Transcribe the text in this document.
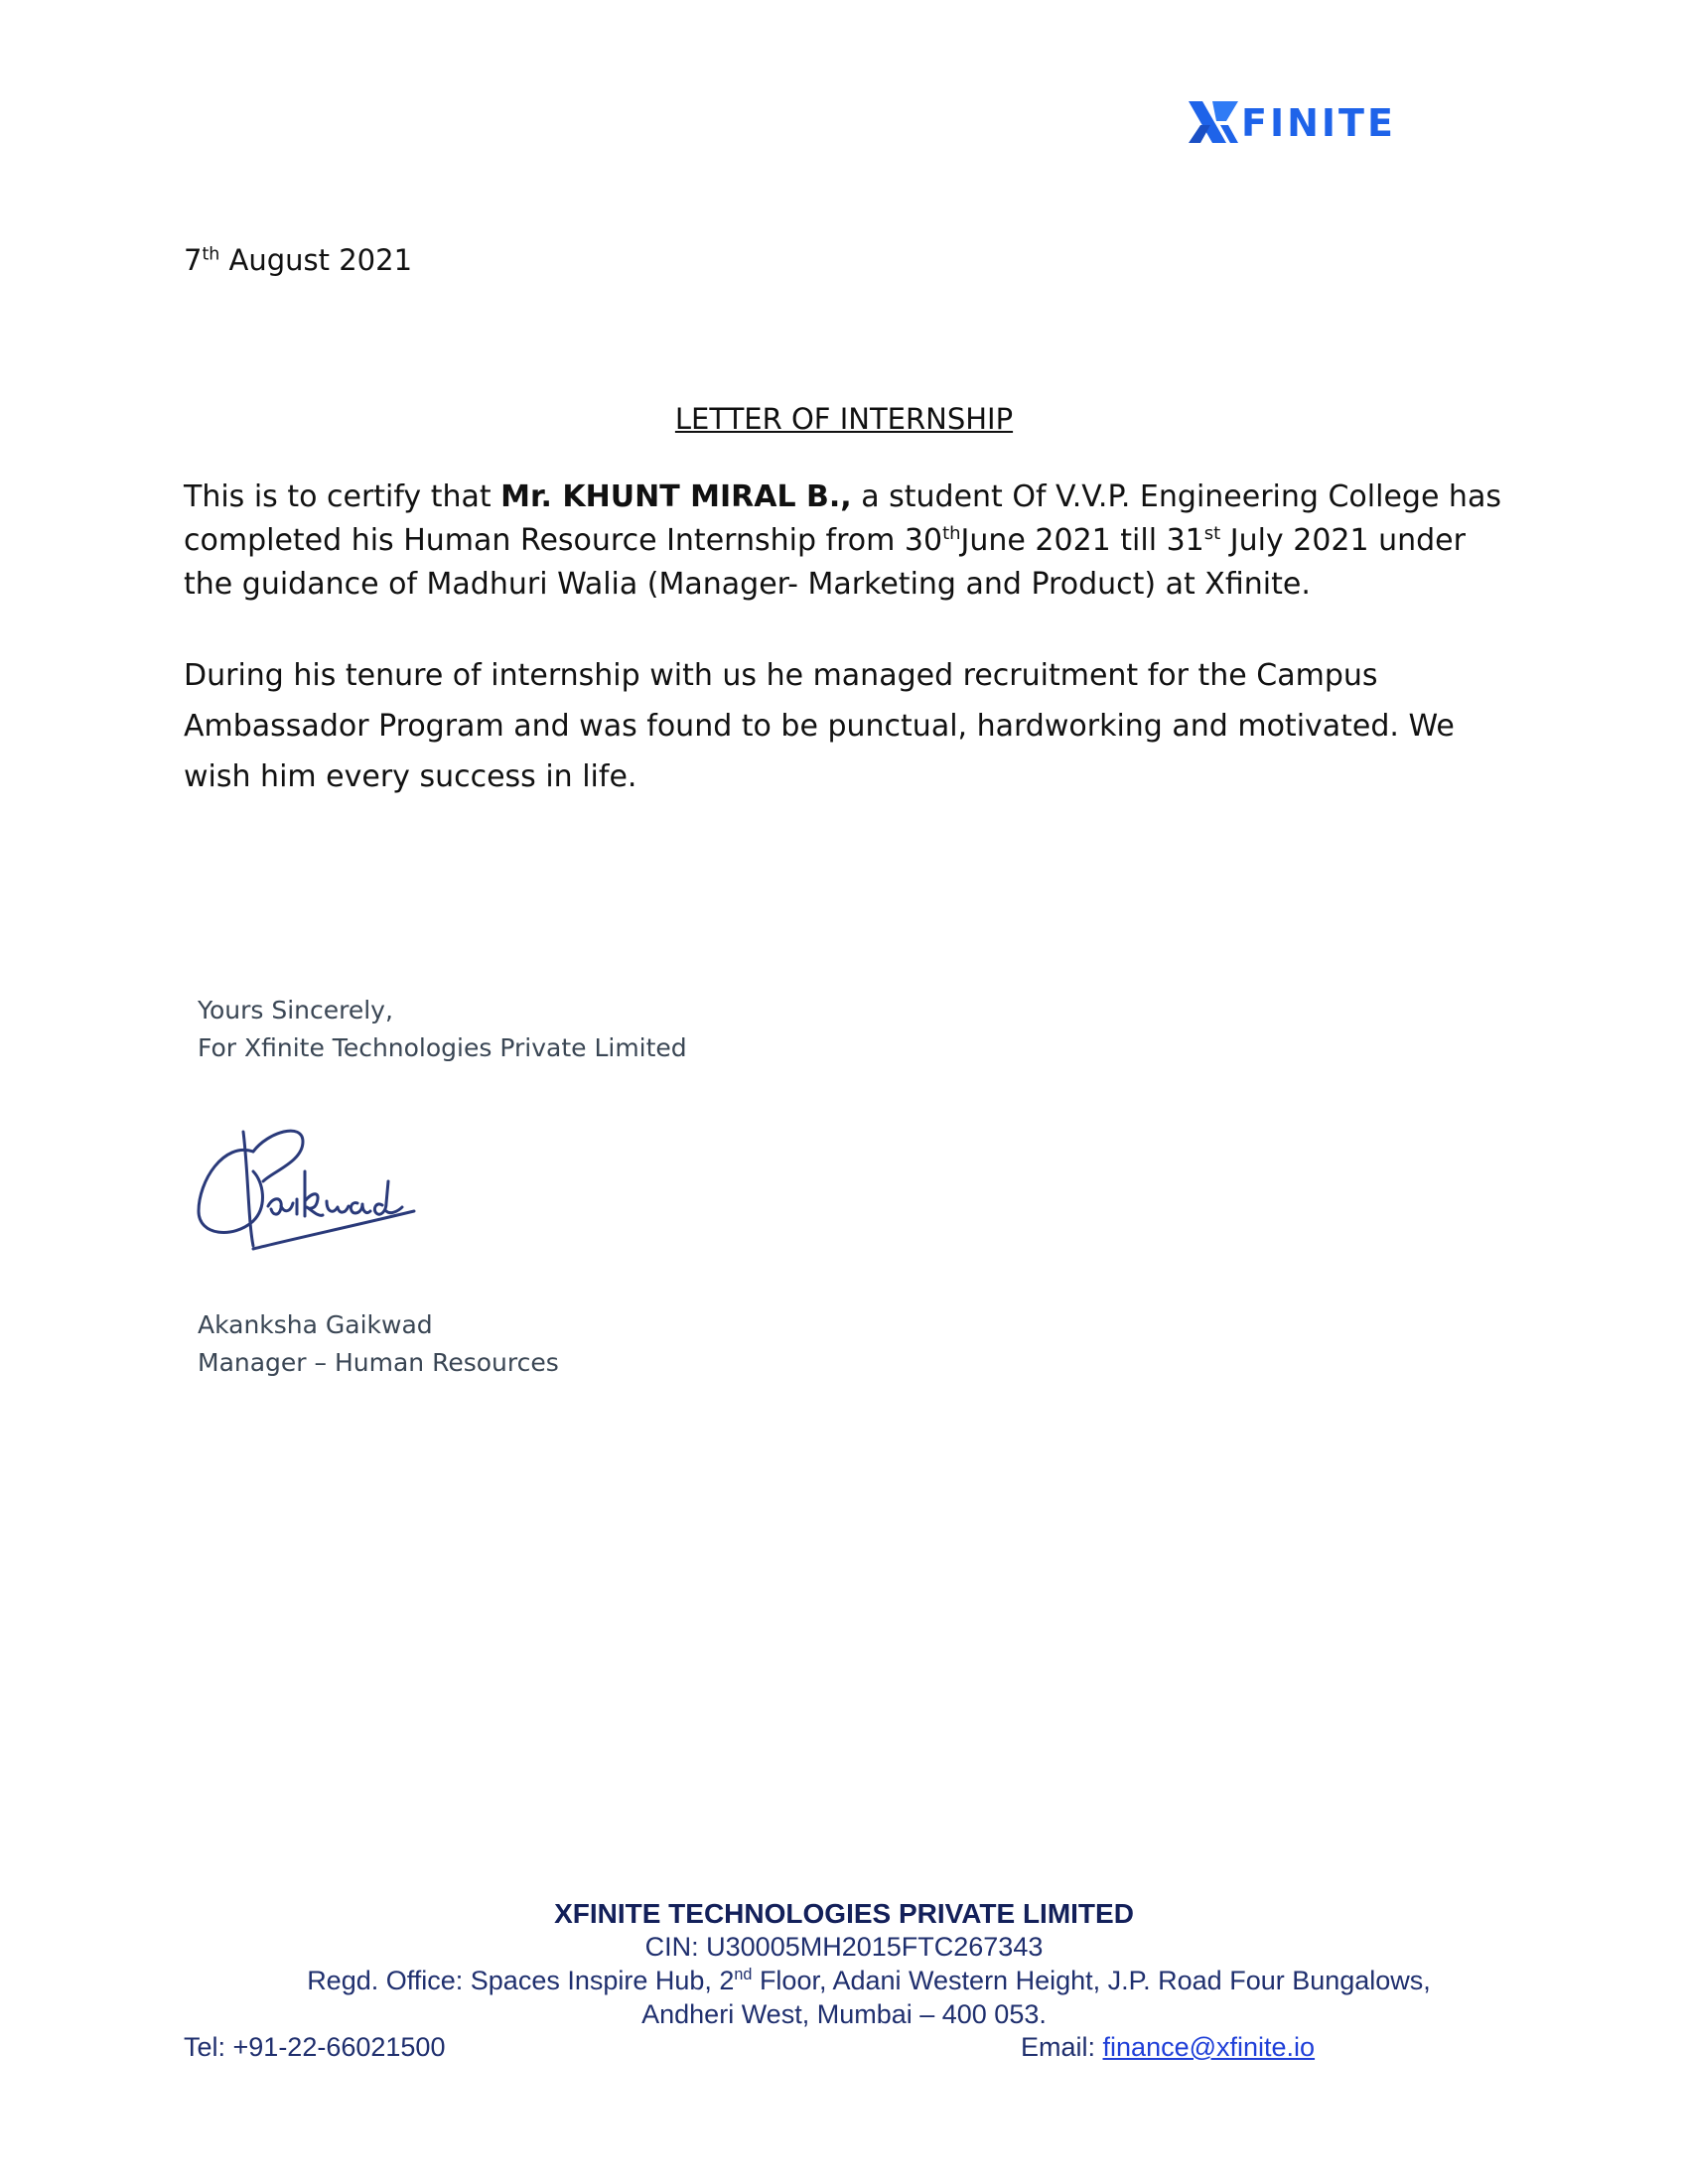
FINITE
7th August 2021
LETTER OF INTERNSHIP
This is to certify that Mr. KHUNT MIRAL B., a student Of V.V.P. Engineering College has completed his Human Resource Internship from 30thJune 2021 till 31st July 2021 under the guidance of Madhuri Walia (Manager- Marketing and Product) at Xfinite.
During his tenure of internship with us he managed recruitment for the Campus Ambassador Program and was found to be punctual, hardworking and motivated. We wish him every success in life.
Yours Sincerely,
For Xfinite Technologies Private Limited
Akanksha Gaikwad
Manager – Human Resources
XFINITE TECHNOLOGIES PRIVATE LIMITED
CIN: U30005MH2015FTC267343
Regd. Office: Spaces Inspire Hub, 2nd Floor, Adani Western Height, J.P. Road Four Bungalows,
Andheri West, Mumbai – 400 053.
Tel: +91-22-66021500	Email: finance@xfinite.io
